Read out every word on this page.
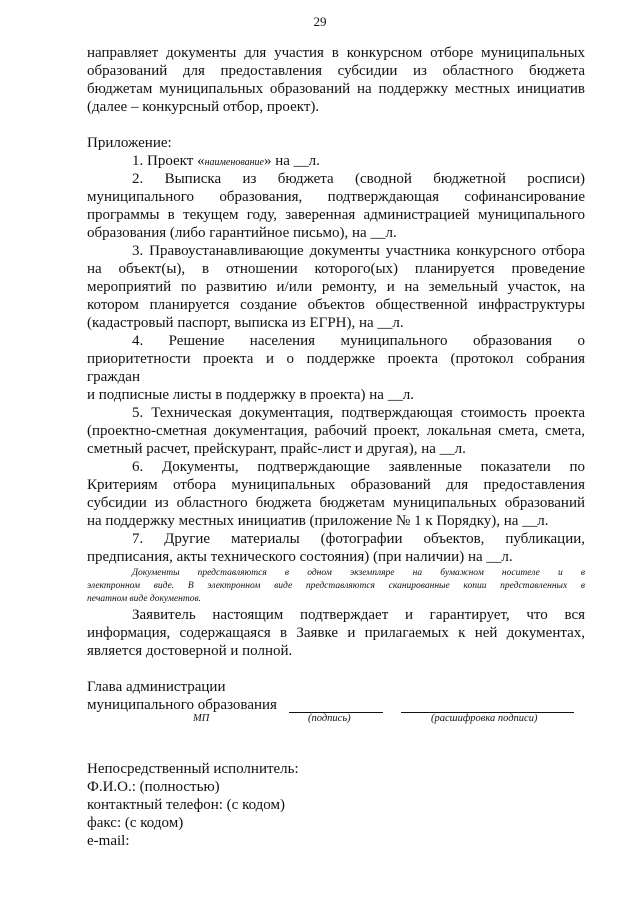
29
направляет документы для участия в конкурсном отборе муниципальных
образований для предоставления субсидии из областного бюджета
бюджетам муниципальных образований на поддержку местных инициатив
(далее – конкурсный отбор, проект).
Приложение:
1. Проект «наименование» на __л.
2. Выписка из бюджета (сводной бюджетной росписи)
муниципального образования, подтверждающая софинансирование
программы в текущем году, заверенная администрацией муниципального
образования (либо гарантийное письмо), на __л.
3. Правоустанавливающие документы участника конкурсного отбора
на объект(ы), в отношении которого(ых) планируется проведение
мероприятий по развитию и/или ремонту, и на земельный участок, на
котором планируется создание объектов общественной инфраструктуры
(кадастровый паспорт, выписка из ЕГРН), на __л.
4. Решение населения муниципального образования о
приоритетности проекта и о поддержке проекта (протокол собрания
граждан
и подписные листы в поддержку в проекта) на __л.
5. Техническая документация, подтверждающая стоимость проекта
(проектно-сметная документация, рабочий проект, локальная смета, смета,
сметный расчет, прейскурант, прайс-лист и другая), на __л.
6. Документы, подтверждающие заявленные показатели по
Критериям отбора муниципальных образований для предоставления
субсидии из областного бюджета бюджетам муниципальных образований
на поддержку местных инициатив (приложение № 1 к Порядку), на __л.
7. Другие материалы (фотографии объектов, публикации,
предписания, акты технического состояния) (при наличии) на __л.
Документы представляются в одном экземпляре на бумажном носителе и в
электронном виде. В электронном виде представляются сканированные копии представленных в
печатном виде документов.
Заявитель настоящим подтверждает и гарантирует, что вся
информация, содержащаяся в Заявке и прилагаемых к ней документах,
является достоверной и полной.
Глава администрации
муниципального образования
МП	(подпись)	(расшифровка подписи)
Непосредственный исполнитель:
Ф.И.О.: (полностью)
контактный телефон: (с кодом)
факс: (с кодом)
e-mail:
